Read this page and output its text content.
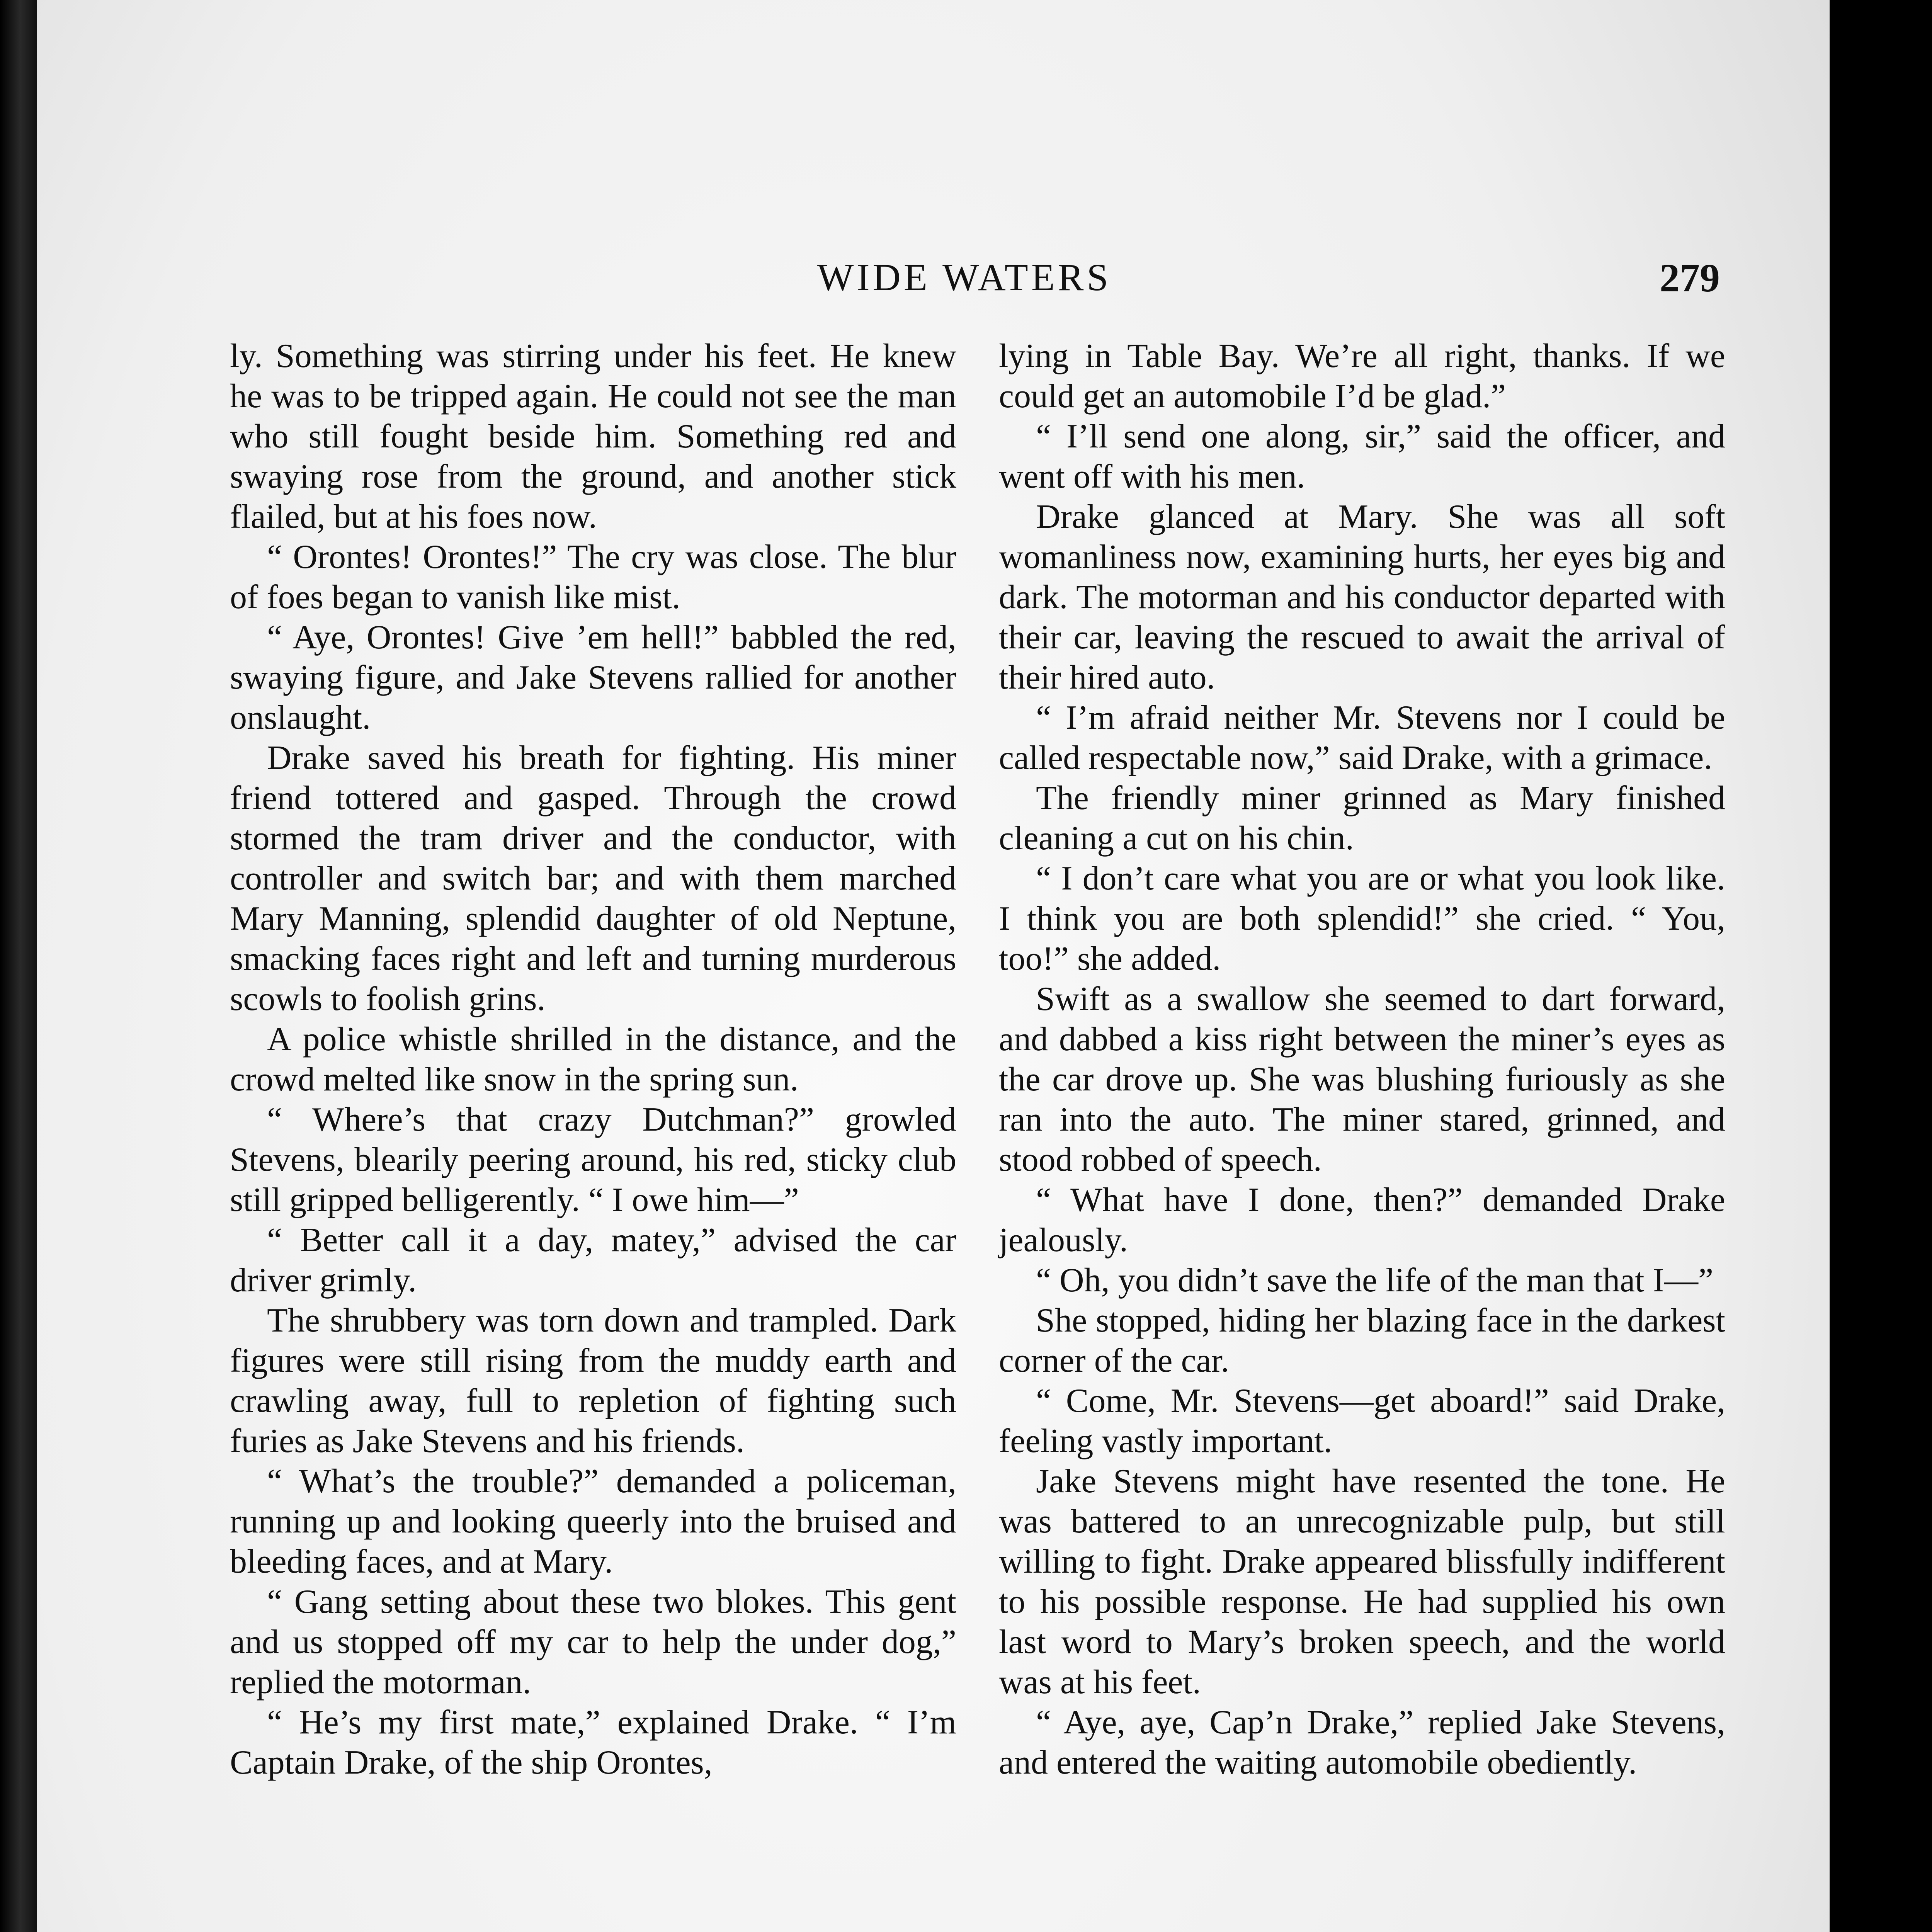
WIDE WATERS	279

ly. Something was stirring under his feet. He knew he was to be tripped again. He could not see the man who still fought beside him. Something red and swaying rose from the ground, and another stick flailed, but at his foes now.

“ Orontes! Orontes!” The cry was close. The blur of foes began to vanish like mist.

“ Aye, Orontes! Give ’em hell!” babbled the red, swaying figure, and Jake Stevens rallied for another onslaught.

Drake saved his breath for fighting. His miner friend tottered and gasped. Through the crowd stormed the tram driver and the conductor, with controller and switch bar; and with them marched Mary Manning, splendid daughter of old Neptune, smacking faces right and left and turning murderous scowls to foolish grins.

A police whistle shrilled in the distance, and the crowd melted like snow in the spring sun.

“ Where’s that crazy Dutchman?” growled Stevens, blearily peering around, his red, sticky club still gripped belligerently. “ I owe him—”

“ Better call it a day, matey,” advised the car driver grimly.

The shrubbery was torn down and trampled. Dark figures were still rising from the muddy earth and crawling away, full to repletion of fighting such furies as Jake Stevens and his friends.

“ What’s the trouble?” demanded a policeman, running up and looking queerly into the bruised and bleeding faces, and at Mary.

“ Gang setting about these two blokes. This gent and us stopped off my car to help the under dog,” replied the motorman.

“ He’s my first mate,” explained Drake. “ I’m Captain Drake, of the ship Orontes,

lying in Table Bay. We’re all right, thanks. If we could get an automobile I’d be glad.”

“ I’ll send one along, sir,” said the officer, and went off with his men.

Drake glanced at Mary. She was all soft womanliness now, examining hurts, her eyes big and dark. The motorman and his conductor departed with their car, leaving the rescued to await the arrival of their hired auto.

“ I’m afraid neither Mr. Stevens nor I could be called respectable now,” said Drake, with a grimace.

The friendly miner grinned as Mary finished cleaning a cut on his chin.

“ I don’t care what you are or what you look like. I think you are both splendid!” she cried. “ You, too!” she added.

Swift as a swallow she seemed to dart forward, and dabbed a kiss right between the miner’s eyes as the car drove up. She was blushing furiously as she ran into the auto. The miner stared, grinned, and stood robbed of speech.

“ What have I done, then?” demanded Drake jealously.

“ Oh, you didn’t save the life of the man that I—”

She stopped, hiding her blazing face in the darkest corner of the car.

“ Come, Mr. Stevens—get aboard!” said Drake, feeling vastly important.

Jake Stevens might have resented the tone. He was battered to an unrecognizable pulp, but still willing to fight. Drake appeared blissfully indifferent to his possible response. He had supplied his own last word to Mary’s broken speech, and the world was at his feet.

“ Aye, aye, Cap’n Drake,” replied Jake Stevens, and entered the waiting automobile obediently.
